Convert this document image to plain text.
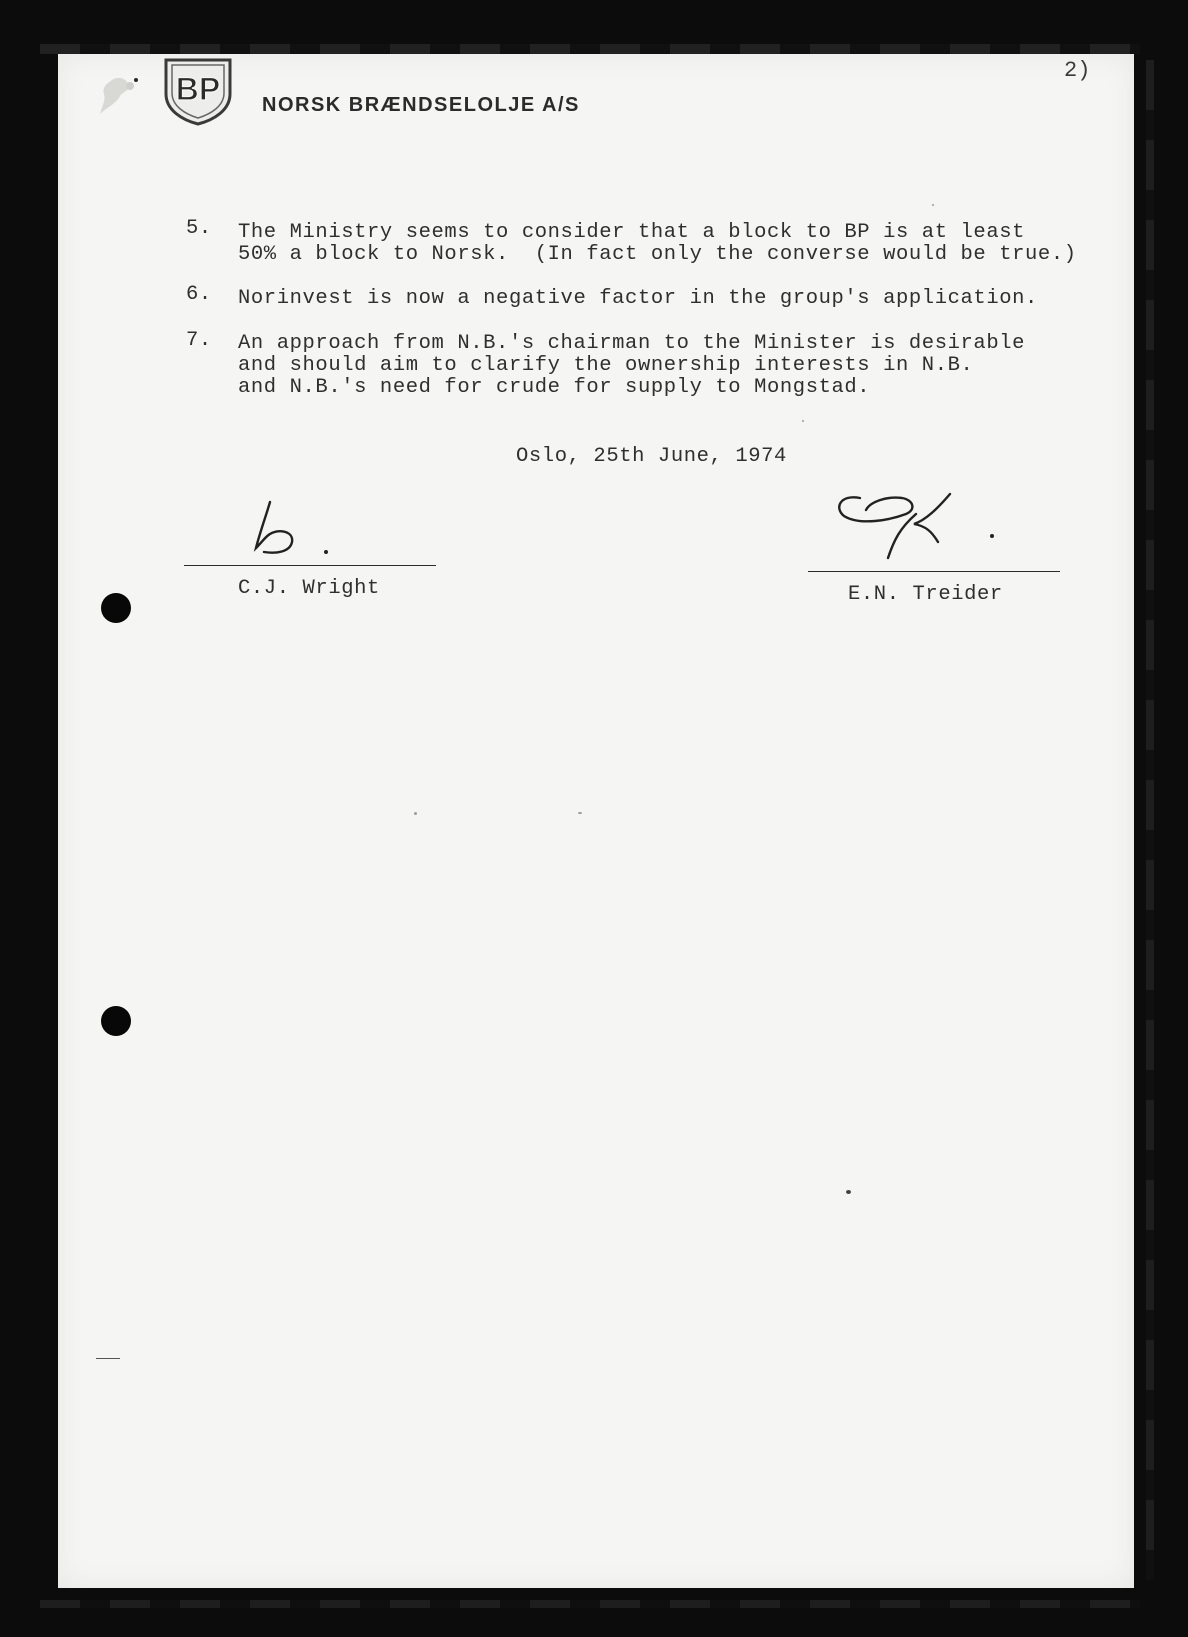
BP NORSK BRÆNDSELOLJE A/S
2)
5. The Ministry seems to consider that a block to BP is at least
50% a block to Norsk.  (In fact only the converse would be true.)
6. Norinvest is now a negative factor in the group's application.
7. An approach from N.B.'s chairman to the Minister is desirable
and should aim to clarify the ownership interests in N.B.
and N.B.'s need for crude for supply to Mongstad.
Oslo, 25th June, 1974
C.J. Wright	E.N. Treider
